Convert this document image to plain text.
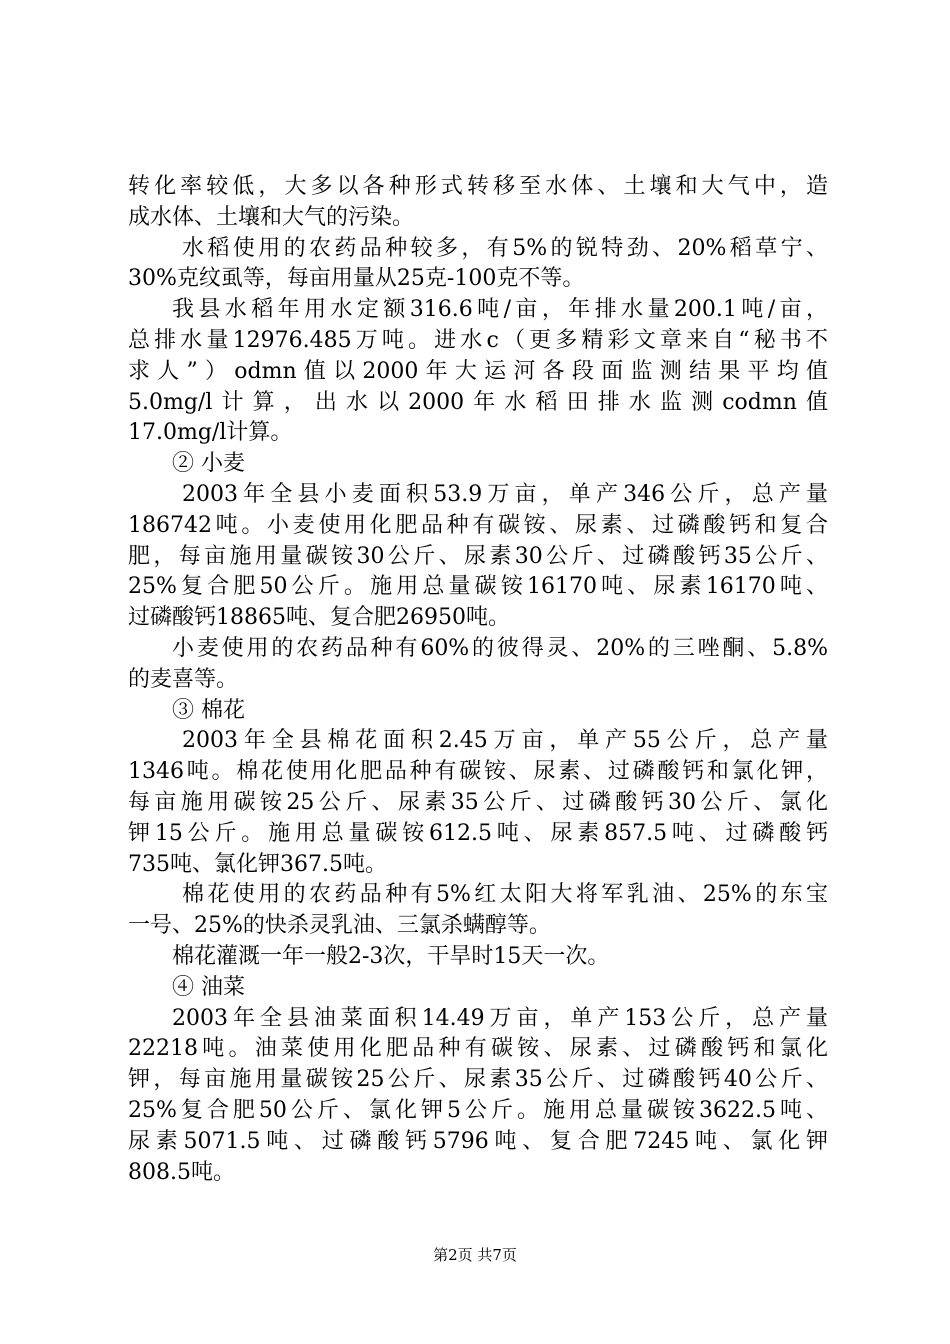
转化率较低，大多以各种形式转移至水体、土壤和大气中，造
成水体、土壤和大气的污染。
水稻使用的农药品种较多，有5%的锐特劲、20%稻草宁、
30%克纹虱等，每亩用量从25克-100克不等。
我县水稻年用水定额316.6吨/亩，年排水量200.1吨/亩，
总排水量12976.485万吨。进水c（更多精彩文章来自“秘书不
求人”）odmn值以2000年大运河各段面监测结果平均值
5.0mg/l计算，出水以2000年水稻田排水监测codmn值
17.0mg/l计算。
② 小麦
2003年全县小麦面积53.9万亩，单产346公斤，总产量
186742吨。小麦使用化肥品种有碳铵、尿素、过磷酸钙和复合
肥，每亩施用量碳铵30公斤、尿素30公斤、过磷酸钙35公斤、
25%复合肥50公斤。施用总量碳铵16170吨、尿素16170吨、
过磷酸钙18865吨、复合肥26950吨。
小麦使用的农药品种有60%的彼得灵、20%的三唑酮、5.8%
的麦喜等。
③ 棉花
2003年全县棉花面积2.45万亩，单产55公斤，总产量
1346吨。棉花使用化肥品种有碳铵、尿素、过磷酸钙和氯化钾，
每亩施用碳铵25公斤、尿素35公斤、过磷酸钙30公斤、氯化
钾15公斤。施用总量碳铵612.5吨、尿素857.5吨、过磷酸钙
735吨、氯化钾367.5吨。
棉花使用的农药品种有5%红太阳大将军乳油、25%的东宝
一号、25%的快杀灵乳油、三氯杀螨醇等。
棉花灌溉一年一般2-3次，干旱时15天一次。
④ 油菜
2003年全县油菜面积14.49万亩，单产153公斤，总产量
22218吨。油菜使用化肥品种有碳铵、尿素、过磷酸钙和氯化
钾，每亩施用量碳铵25公斤、尿素35公斤、过磷酸钙40公斤、
25%复合肥50公斤、氯化钾5公斤。施用总量碳铵3622.5吨、
尿素5071.5吨、过磷酸钙5796吨、复合肥7245吨、氯化钾
808.5吨。
第2页 共7页
